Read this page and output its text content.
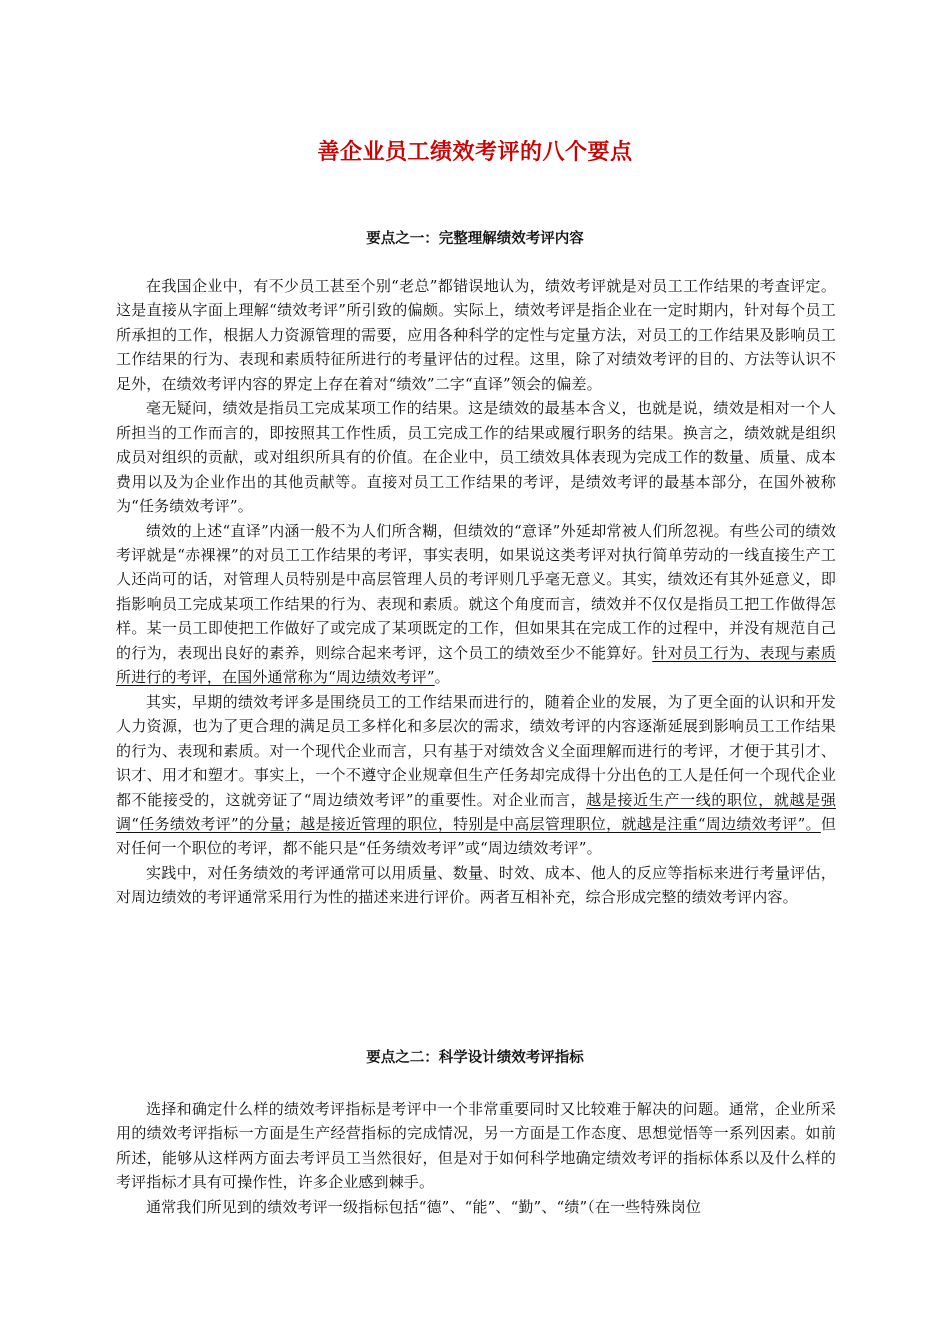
善企业员工绩效考评的八个要点
要点之一：完整理解绩效考评内容

在我国企业中，有不少员工甚至个别“老总”都错误地认为，绩效考评就是对员工工作结果的考查评定。这是直接从字面上理解“绩效考评”所引致的偏颇。实际上，绩效考评是指企业在一定时期内，针对每个员工所承担的工作，根据人力资源管理的需要，应用各种科学的定性与定量方法，对员工的工作结果及影响员工工作结果的行为、表现和素质特征所进行的考量评估的过程。这里，除了对绩效考评的目的、方法等认识不足外，在绩效考评内容的界定上存在着对“绩效”二字“直译”领会的偏差。

毫无疑问，绩效是指员工完成某项工作的结果。这是绩效的最基本含义，也就是说，绩效是相对一个人所担当的工作而言的，即按照其工作性质，员工完成工作的结果或履行职务的结果。换言之，绩效就是组织成员对组织的贡献，或对组织所具有的价值。在企业中，员工绩效具体表现为完成工作的数量、质量、成本费用以及为企业作出的其他贡献等。直接对员工工作结果的考评，是绩效考评的最基本部分，在国外被称为“任务绩效考评”。

绩效的上述“直译”内涵一般不为人们所含糊，但绩效的“意译”外延却常被人们所忽视。有些公司的绩效考评就是“赤裸裸”的对员工工作结果的考评，事实表明，如果说这类考评对执行简单劳动的一线直接生产工人还尚可的话，对管理人员特别是中高层管理人员的考评则几乎毫无意义。其实，绩效还有其外延意义，即指影响员工完成某项工作结果的行为、表现和素质。就这个角度而言，绩效并不仅仅是指员工把工作做得怎样。某一员工即使把工作做好了或完成了某项既定的工作，但如果其在完成工作的过程中，并没有规范自己的行为，表现出良好的素养，则综合起来考评，这个员工的绩效至少不能算好。针对员工行为、表现与素质所进行的考评，在国外通常称为“周边绩效考评”。

其实，早期的绩效考评多是围绕员工的工作结果而进行的，随着企业的发展，为了更全面的认识和开发人力资源，也为了更合理的满足员工多样化和多层次的需求，绩效考评的内容逐渐延展到影响员工工作结果的行为、表现和素质。对一个现代企业而言，只有基于对绩效含义全面理解而进行的考评，才便于其引才、识才、用才和塑才。事实上，一个不遵守企业规章但生产任务却完成得十分出色的工人是任何一个现代企业都不能接受的，这就旁证了“周边绩效考评”的重要性。对企业而言，越是接近生产一线的职位，就越是强调“任务绩效考评”的分量；越是接近管理的职位，特别是中高层管理职位，就越是注重“周边绩效考评”。但对任何一个职位的考评，都不能只是“任务绩效考评”或“周边绩效考评”。

实践中，对任务绩效的考评通常可以用质量、数量、时效、成本、他人的反应等指标来进行考量评估，对周边绩效的考评通常采用行为性的描述来进行评价。两者互相补充，综合形成完整的绩效考评内容。

要点之二：科学设计绩效考评指标

选择和确定什么样的绩效考评指标是考评中一个非常重要同时又比较难于解决的问题。通常，企业所采用的绩效考评指标一方面是生产经营指标的完成情况，另一方面是工作态度、思想觉悟等一系列因素。如前所述，能够从这样两方面去考评员工当然很好，但是对于如何科学地确定绩效考评的指标体系以及什么样的考评指标才具有可操作性，许多企业感到棘手。

通常我们所见到的绩效考评一级指标包括“德”、“能”、“勤”、“绩”（在一些特殊岗位
